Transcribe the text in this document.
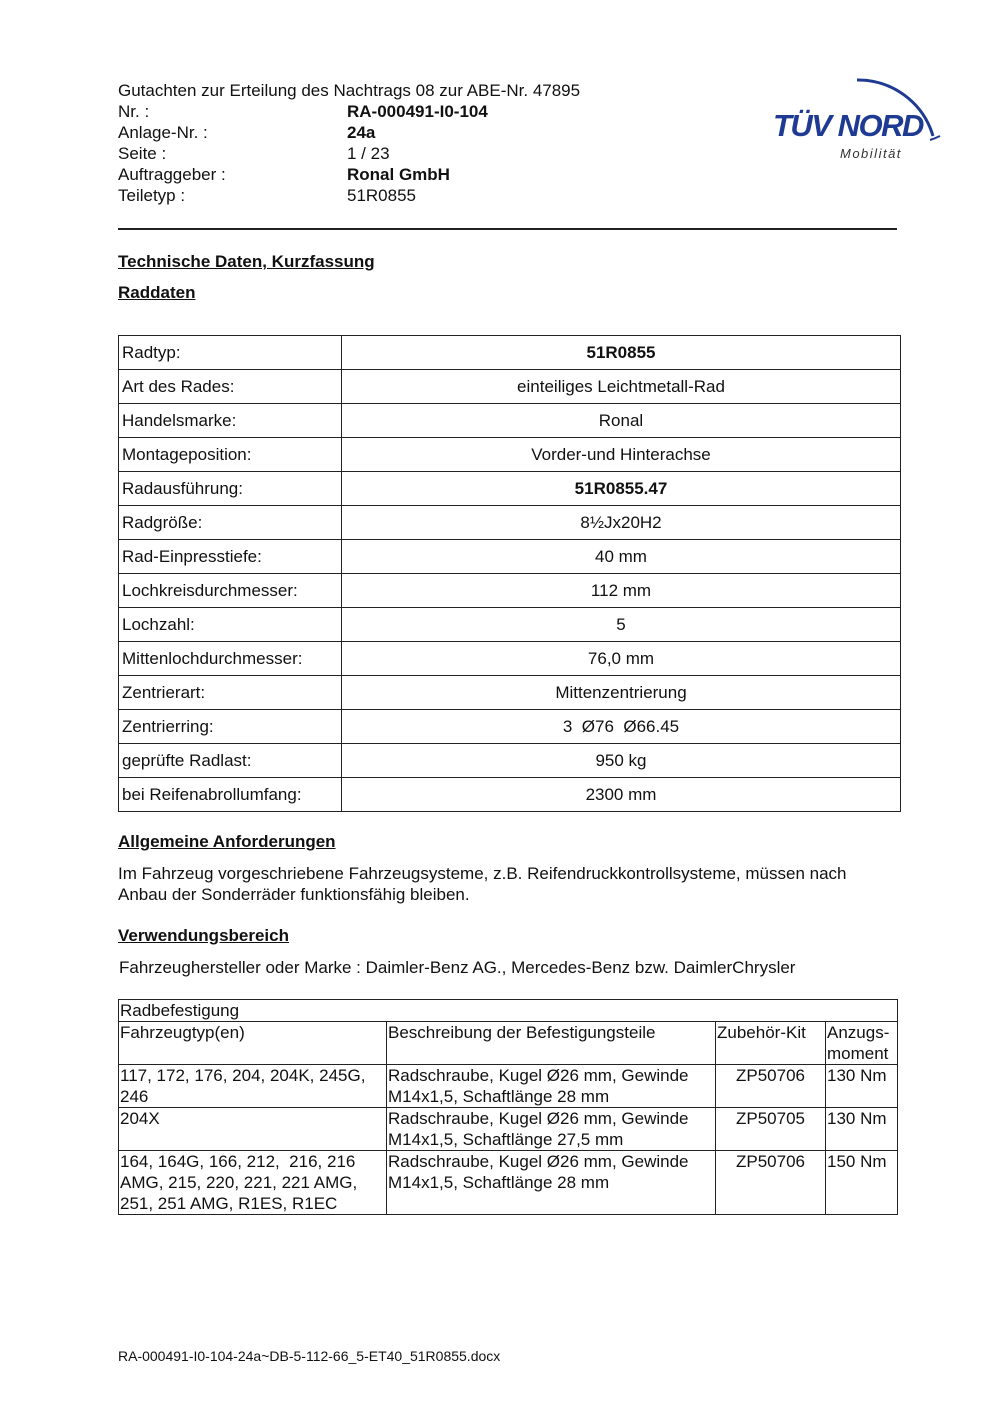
Gutachten zur Erteilung des Nachtrags 08 zur ABE-Nr. 47895
Nr. :	RA-000491-I0-104
Anlage-Nr. :	24a
Seite :	1 / 23
Auftraggeber :	Ronal GmbH
Teiletyp :	51R0855
TÜV NORD
Mobilität
Technische Daten, Kurzfassung
Raddaten
Radtyp:	51R0855
Art des Rades:	einteiliges Leichtmetall-Rad
Handelsmarke:	Ronal
Montageposition:	Vorder-und Hinterachse
Radausführung:	51R0855.47
Radgröße:	8½Jx20H2
Rad-Einpresstiefe:	40 mm
Lochkreisdurchmesser:	112 mm
Lochzahl:	5
Mittenlochdurchmesser:	76,0 mm
Zentrierart:	Mittenzentrierung
Zentrierring:	3  Ø76  Ø66.45
geprüfte Radlast:	950 kg
bei Reifenabrollumfang:	2300 mm
Allgemeine Anforderungen
Im Fahrzeug vorgeschriebene Fahrzeugsysteme, z.B. Reifendruckkontrollsysteme, müssen nach Anbau der Sonderräder funktionsfähig bleiben.
Verwendungsbereich
Fahrzeughersteller oder Marke : Daimler-Benz AG., Mercedes-Benz bzw. DaimlerChrysler
Radbefestigung			
Fahrzeugtyp(en)	Beschreibung der Befestigungsteile	Zubehör-Kit	Anzugs-moment
117, 172, 176, 204, 204K, 245G, 246	Radschraube, Kugel Ø26 mm, Gewinde M14x1,5, Schaftlänge 28 mm	ZP50706	130 Nm
204X	Radschraube, Kugel Ø26 mm, Gewinde M14x1,5, Schaftlänge 27,5 mm	ZP50705	130 Nm
164, 164G, 166, 212,  216, 216 AMG, 215, 220, 221, 221 AMG, 251, 251 AMG, R1ES, R1EC	Radschraube, Kugel Ø26 mm, Gewinde M14x1,5, Schaftlänge 28 mm	ZP50706	150 Nm
RA-000491-I0-104-24a~DB-5-112-66_5-ET40_51R0855.docx
